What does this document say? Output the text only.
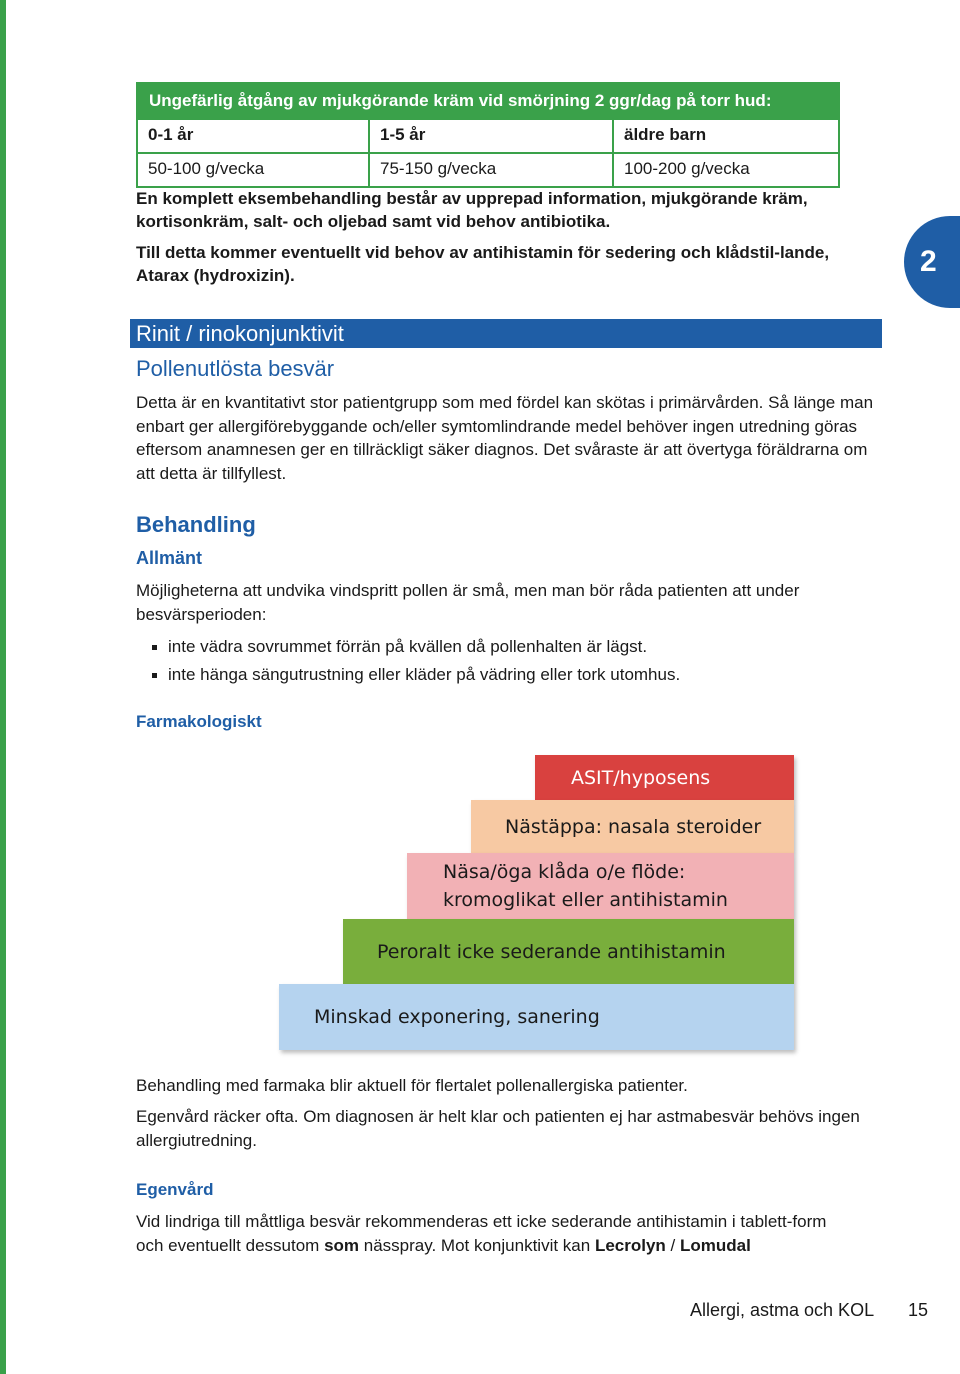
Ungefärlig åtgång av mjukgörande kräm vid smörjning 2 ggr/dag på torr hud:
0-1 år	1-5 år	äldre barn
50-100 g/vecka	75-150 g/vecka	100-200 g/vecka
En komplett eksembehandling består av upprepad information, mjukgörande kräm, kortisonkräm, salt- och oljebad samt vid behov antibiotika.
Till detta kommer eventuellt vid behov av antihistamin för sedering och klådstil-lande, Atarax (hydroxizin).	2
Rinit / rinokonjunktivit
Pollenutlösta besvär
Detta är en kvantitativt stor patientgrupp som med fördel kan skötas i primärvården. Så länge man enbart ger allergiförebyggande och/eller symtomlindrande medel behöver ingen utredning göras eftersom anamnesen ger en tillräckligt säker diagnos. Det svåraste är att övertyga föräldrarna om att detta är tillfyllest.
Behandling
Allmänt
Möjligheterna att undvika vindspritt pollen är små, men man bör råda patienten att under besvärsperioden:
inte vädra sovrummet förrän på kvällen då pollenhalten är lägst.
inte hänga sängutrustning eller kläder på vädring eller tork utomhus.
Farmakologiskt
ASIT/hyposens
Nästäppa: nasala steroider
Näsa/öga klåda o/e flöde:
kromoglikat eller antihistamin
Peroralt icke sederande antihistamin
Minskad exponering, sanering
Behandling med farmaka blir aktuell för flertalet pollenallergiska patienter.
Egenvård räcker ofta. Om diagnosen är helt klar och patienten ej har astmabesvär behövs ingen allergiutredning.
Egenvård
Vid lindriga till måttliga besvär rekommenderas ett icke sederande antihistamin i tablett-form och eventuellt dessutom som nässpray. Mot konjunktivit kan Lecrolyn / Lomudal
Allergi, astma och KOL 15
